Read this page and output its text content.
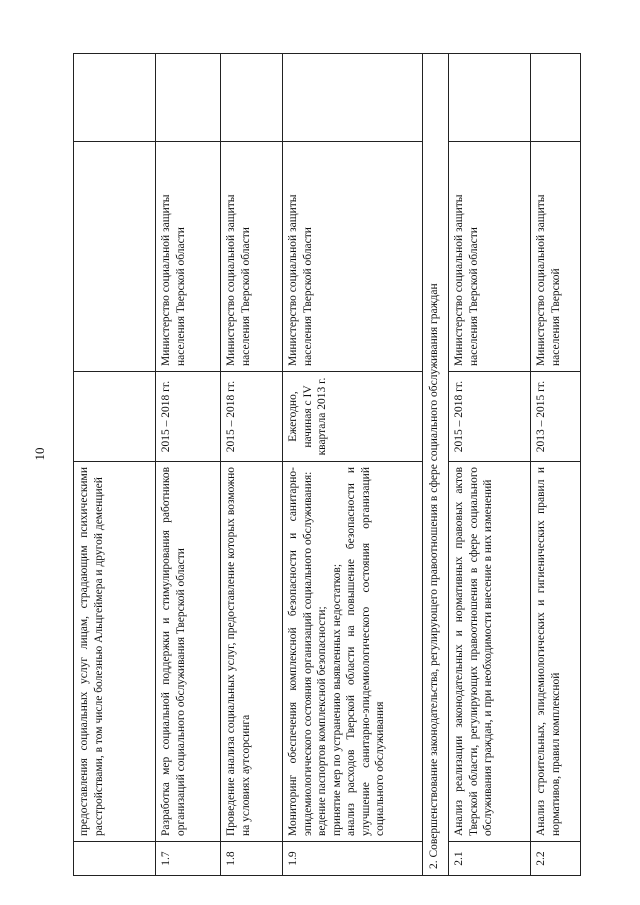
10
	предоставления социальных услуг лицам, страдающим психическими расстройствами, в том числе болезнью Альцгеймера и другой деменцией			
1.7	Разработка мер социальной поддержки и стимулирования работников организаций социального обслуживания Тверской области	2015 – 2018 гг.	Министерство социальной защиты населения Тверской области	
1.8	Проведение анализа социальных услуг, предоставление которых возможно на условиях аутсорсинга	2015 – 2018 гг.	Министерство социальной защиты населения Тверской области	
1.9	Мониторинг обеспечения комплексной безопасности и санитарно-эпидемиологического состояния организаций социального обслуживания:
ведение паспортов комплексной безопасности;
принятие мер по устранению выявленных недостатков;
анализ расходов Тверской области на повышение безопасности и улучшение санитарно-эпидемиологического состояния организаций социального обслуживания	Ежегодно, начиная с IV квартала 2013 г.	Министерство социальной защиты населения Тверской области	
2. Совершенствование законодательства, регулирующего правоотношения в сфере социального обслуживания граждан				
2.1	Анализ реализации законодательных и нормативных правовых актов Тверской области, регулирующих правоотношения в сфере социального обслуживания граждан, и при необходимости внесение в них изменений	2015 – 2018 гг.	Министерство социальной защиты населения Тверской области	
2.2	Анализ строительных, эпидемиологических и гигиенических правил и нормативов, правил комплексной	2013 – 2015 гг.	Министерство социальной защиты населения Тверской	
